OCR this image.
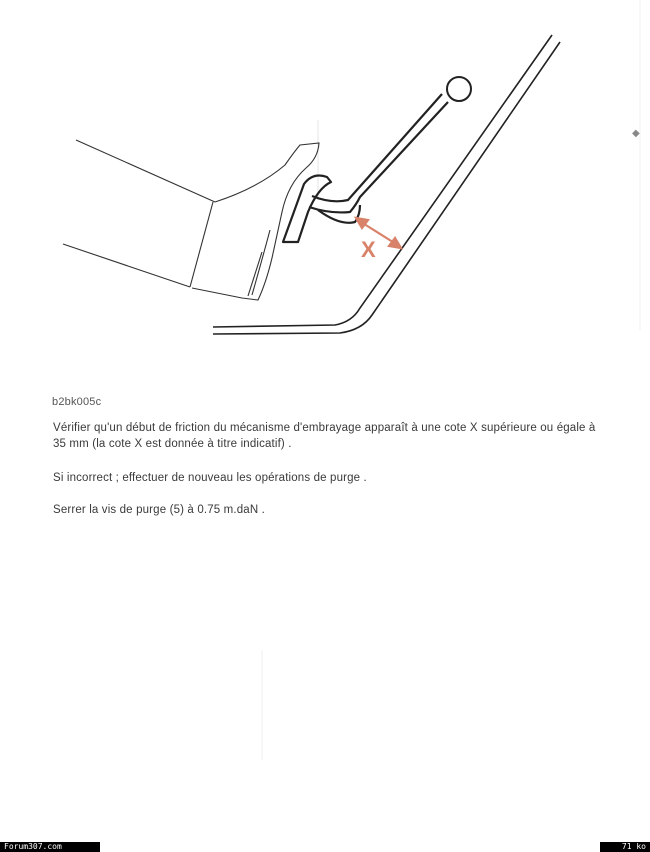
X
◆
b2bk005c
Vérifier qu'un début de friction du mécanisme d'embrayage apparaît à une cote X supérieure ou égale à
35 mm (la cote X est donnée à titre indicatif) .
Si incorrect ; effectuer de nouveau les opérations de purge .
Serrer la vis de purge (5) à 0.75 m.daN .
Forum307.com	71 ko
